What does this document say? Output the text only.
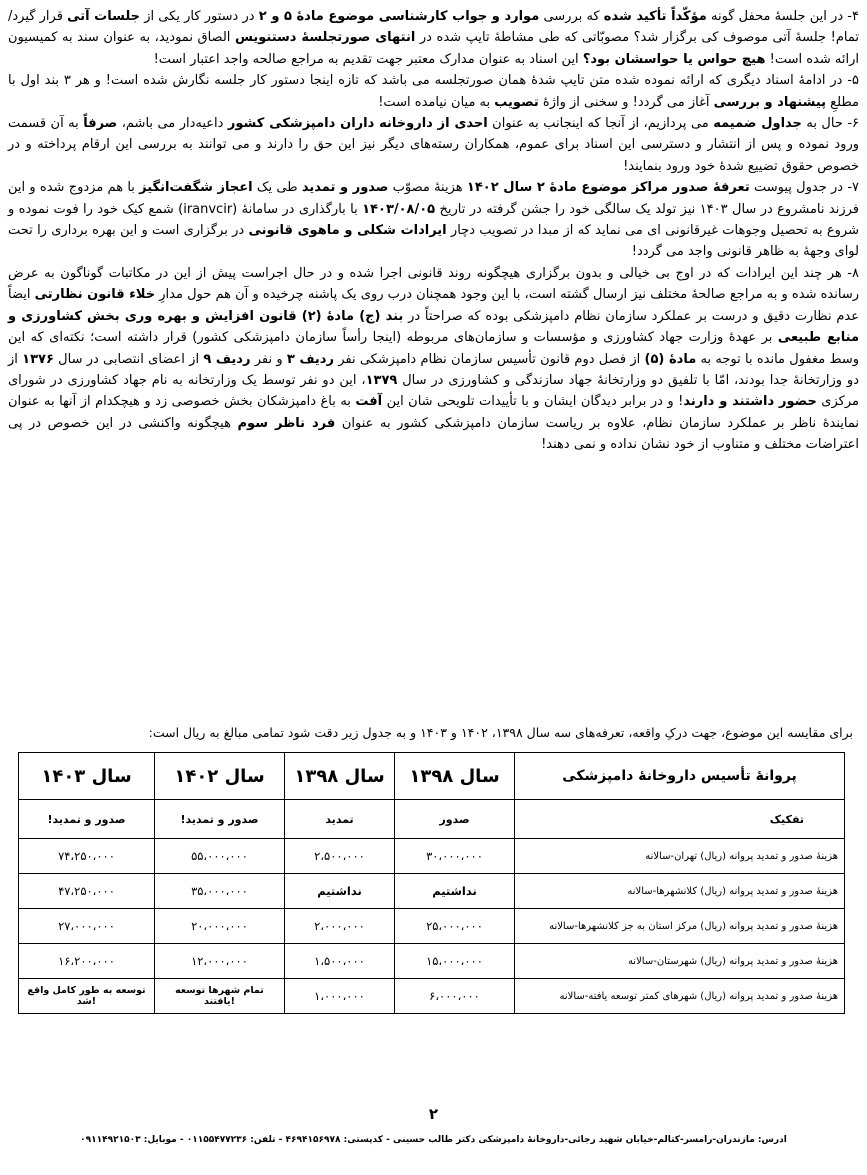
۴- در این جلسهٔ محفل گونه مؤکّداً تأکید شده که بررسی موارد و جواب کارشناسی موضوع مادهٔ ۵ و ۲ در دستور کار یکی از جلسات آتی قرار گیرد/ تمام! جلسهٔ آتی موصوف کی برگزار شد؟ مصوبّاتی که طی مشاطهٔ تایپ شده در انتهای صورتجلسهٔ دستنویس الصاق نمودید، به عنوان سند به کمیسیون ارائه شده است! هیچ حواس یا حواسشان بود؟ این اسناد به عنوان مدارک معتبر جهت تقدیم به مراجع صالحه واجد اعتبار است!

۵- در ادامهٔ اسناد دیگری که ارائه نموده شده متن تایپ شدهٔ همان صورتجلسه می باشد که تازه اینجا دستور کار جلسه نگارش شده است! و هر ۳ بند اول با مطلعِ پیشنهاد و بررسی آغاز می گردد! و سخنی از واژهٔ تصویب به میان نیامده است!

۶- حال به جداول ضمیمه می پردازیم، از آنجا که اینجانب به عنوان احدی از داروخانه داران دامپزشکی کشور داعیه‌دار می باشم، صرفاً به آن قسمت ورود نموده و پس از انتشار و دسترسی این اسناد برای عموم، همکاران رسته‌های دیگر نیز این حق را دارند و می توانند به بررسی این ارقام پرداخته و در خصوص حقوق تضییع شدهٔ خود ورود بنمایند!

۷- در جدول پیوست تعرفهٔ صدور مراکز موضوع مادهٔ ۲ سال ۱۴۰۲ هزینهٔ مصوّب صدور و تمدید طی یک اعجاز شگفت‌انگیز با هم مزدوج شده و این فرزند نامشروع در سال ۱۴۰۳ نیز تولد یک سالگی خود را جشن گرفته در تاریخ ۱۴۰۳/۰۸/۰۵ با بارگذاری در سامانهٔ (iranvcir) شمع کیک خود را فوت نموده و شروع به تحصیل وجوهات غیرقانونی ای می نماید که از مبدا در تصویب دچار ایرادات شکلی و ماهوی قانونی در برگزاری است و این بهره برداری را تحت لوای وجههٔ به ظاهر قانونی واجد می گردد!

۸- هر چند این ایرادات که در اوج بی خیالی و بدون برگزاری هیچگونه روند قانونی اجرا شده و در حال اجراست پیش از این در مکاتبات گوناگون به عرض رسانده شده و به مراجع صالحهٔ مختلف نیز ارسال گشته است، با این وجود همچنان درب روی یک پاشنه چرخیده و آن هم حول مدارِ خلاء قانون نظارتی ایضاً عدم نظارت دقیق و درست بر عملکرد سازمان نظام دامپزشکی بوده که صراحتاً در بند (ج) مادهٔ (۲) قانون افزایش و بهره وری بخش کشاورزی و منابع طبیعی بر عهدهٔ وزارت جهاد کشاورزی و مؤسسات و سازمان‌های مربوطه (اینجا رأساً سازمان دامپزشکی کشور) قرار داشته است؛ نکته‌ای که این وسط مغفول مانده با توجه به مادهٔ (۵) از فصل دوم قانون تأسیس سازمان نظام دامپزشکی نفر ردیف ۳ و نفر ردیف ۹ از اعضای انتصابی در سال ۱۳۷۶ از دو وزارتخانهٔ جدا بودند، امّا با تلفیق دو وزارتخانهٔ جهاد سازندگی و کشاورزی در سال ۱۳۷۹، این دو نفر توسط یک وزارتخانه به نام جهاد کشاورزی در شورای مرکزی حضور داشتند و دارند! و در برابر دیدگان ایشان و با تأییدات تلویحی شان این آفت به باغ دامپزشکان بخش خصوصی زد و هیچکدام از آنها به عنوان نمایندهٔ ناظر بر عملکرد سازمان نظام، علاوه بر ریاست سازمان دامپزشکی کشور به عنوان فرد ناظر سوم هیچگونه واکنشی در این خصوص در پی اعتراضات مختلف و متناوب از خود نشان نداده و نمی دهند!

برای مقایسه این موضوع، جهت درکِ واقعه، تعرفه‌های سه سال ۱۳۹۸، ۱۴۰۲ و ۱۴۰۳ و به جدول زیر دقت شود تمامی مبالغ به ریال است:
پروانهٔ تأسیس داروخانهٔ دامپزشکی	سال ۱۳۹۸	سال ۱۳۹۸	سال ۱۴۰۲	سال ۱۴۰۳
تفکیک	صدور	تمدید	صدور و تمدید!	صدور و تمدید!
هزینهٔ صدور و تمدید پروانه (ریال) تهران-سالانه	۳۰،۰۰۰،۰۰۰	۲،۵۰۰،۰۰۰	۵۵،۰۰۰،۰۰۰	۷۴،۲۵۰،۰۰۰
هزینهٔ صدور و تمدید پروانه (ریال) کلانشهرها-سالانه	نداشتیم	نداشتیم	۳۵،۰۰۰،۰۰۰	۴۷،۲۵۰،۰۰۰
هزینهٔ صدور و تمدید پروانه (ریال) مرکز استان به جز کلانشهرها-سالانه	۲۵،۰۰۰،۰۰۰	۲،۰۰۰،۰۰۰	۲۰،۰۰۰،۰۰۰	۲۷،۰۰۰،۰۰۰
هزینهٔ صدور و تمدید پروانه (ریال) شهرستان-سالانه	۱۵،۰۰۰،۰۰۰	۱،۵۰۰،۰۰۰	۱۲،۰۰۰،۰۰۰	۱۶،۲۰۰،۰۰۰
هزینهٔ صدور و تمدید پروانه (ریال) شهرهای کمتر توسعه یافته-سالانه	۶،۰۰۰،۰۰۰	۱،۰۰۰،۰۰۰	تمام شهرها توسعه یافتند!	توسعه به طور کامل واقع شد!
۲
آدرس: مازندران-رامسر-کتالم-خیابان شهید رجائی-داروخانهٔ دامپزشکی دکتر طالب حسینی - کدپستی: ۴۶۹۴۱۵۶۹۷۸ - تلفن: ۰۱۱۵۵۴۷۷۲۳۶ - موبایل: ۰۹۱۱۴۹۲۱۵۰۳
